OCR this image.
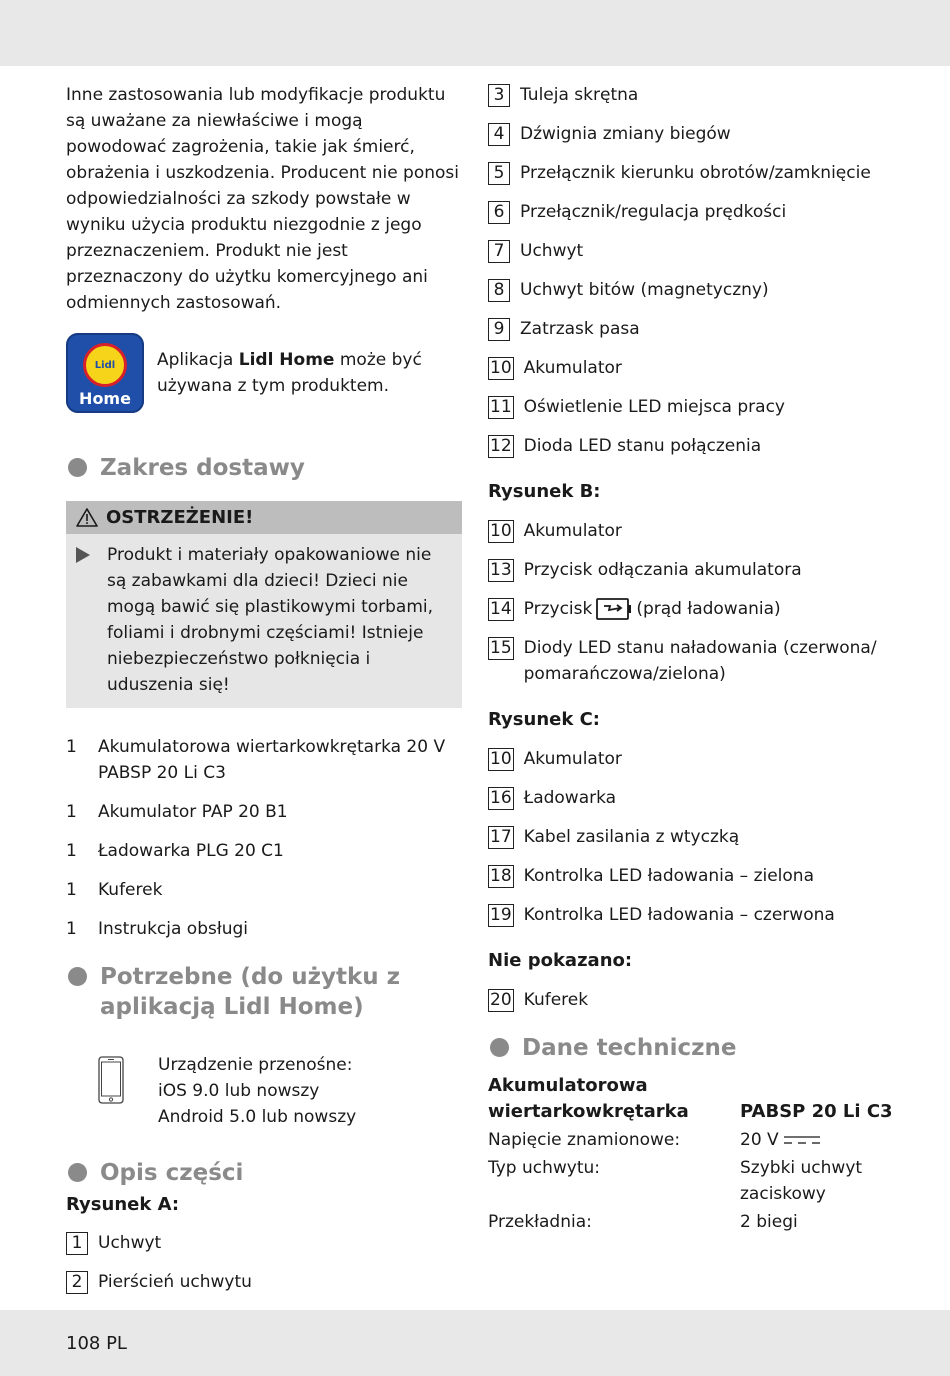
Inne zastosowania lub modyfikacje produktu są uważane za niewłaściwe i mogą powodować zagrożenia, takie jak śmierć, obrażenia i uszkodzenia. Producent nie ponosi odpowiedzialności za szkody powstałe w wyniku użycia produktu niezgodnie z jego przeznaczeniem. Produkt nie jest przeznaczony do użytku komercyjnego ani odmiennych zastosowań.

Lidl
Home

Aplikacja Lidl Home może być używana z tym produktem.

Zakres dostawy
OSTRZEŻENIE!

Produkt i materiały opakowaniowe nie są zabawkami dla dzieci! Dzieci nie mogą bawić się plastikowymi torbami, foliami i drobnymi częściami! Istnieje niebezpieczeństwo połknięcia i uduszenia się!

1	Akumulatorowa wiertarkowkrętarka 20 V PABSP 20 Li C3
1	Akumulator PAP 20 B1
1	Ładowarka PLG 20 C1
1	Kuferek
1	Instrukcja obsługi
Potrzebne (do użytku z aplikacją Lidl Home)

Urządzenie przenośne:

iOS 9.0 lub nowszy

Android 5.0 lub nowszy

Opis części

Rysunek A:

1 Uchwyt
2 Pierścień uchwytu
3 Tuleja skrętna
4 Dźwignia zmiany biegów
5 Przełącznik kierunku obrotów/zamknięcie
6 Przełącznik/regulacja prędkości
7 Uchwyt
8 Uchwyt bitów (magnetyczny)
9 Zatrzask pasa
10 Akumulator
11 Oświetlenie LED miejsca pracy
12 Dioda LED stanu połączenia

Rysunek B:

10 Akumulator
13 Przycisk odłączania akumulatora
14 Przycisk	(prąd ładowania)
15 Diody LED stanu naładowania (czerwona/ pomarańczowa/zielona)

Rysunek C:

10 Akumulator
16 Ładowarka
17 Kabel zasilania z wtyczką
18 Kontrolka LED ładowania – zielona
19 Kontrolka LED ładowania – czerwona

Nie pokazano:

20 Kuferek
Dane techniczne
Akumulatorowa wiertarkowkrętarka	PABSP 20 Li C3
Napięcie znamionowe:	20 V
Typ uchwytu:	Szybki uchwyt zaciskowy
Przekładnia:	2 biegi
108 PL
